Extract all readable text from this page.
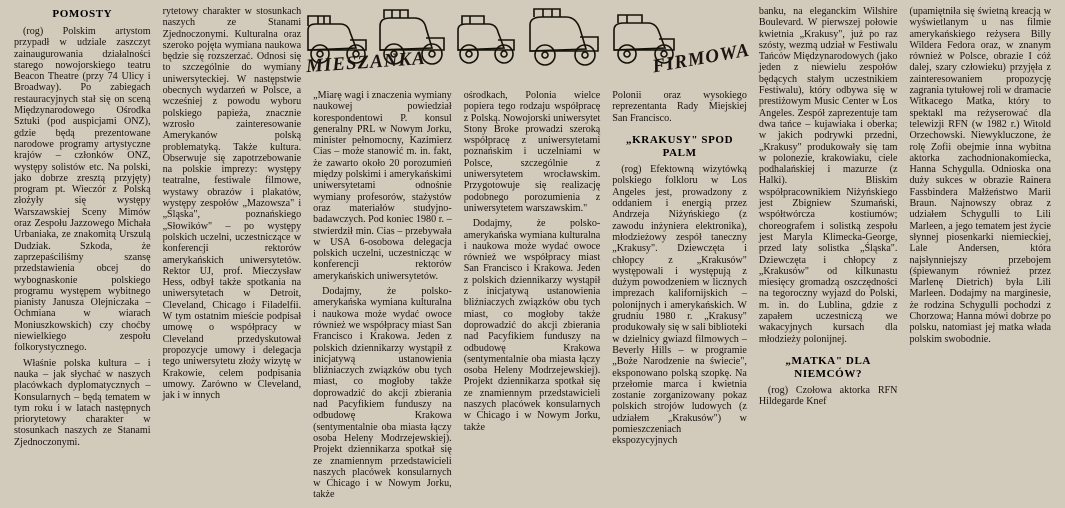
MIESZANKA	FIRMOWA
POMOSTY

(rog) Polskim artystom przypadł w udziale zaszczyt zainaugurowania działalności starego nowojorskiego teatru Beacon Theatre (przy 74 Ulicy i Broadway). Po zabiegach restauracyjnych stał się on sceną Międzynarodowego Ośrodka Sztuki (pod auspicjami ONZ), gdzie będą prezentowane narodowe programy artystyczne krajów – członków ONZ, występy solistów etc. Na polski, jako dobrze zresztą przyjęty) program pt. Wieczór z Polską złożyły się występy Warszawskiej Sceny Mimów oraz Zespołu Jazzowego Michała Urbaniaka, ze znakomitą Urszulą Dudziak. Szkoda, że zaprzepaściliśmy szansę przedstawienia obcej do wybognaskonie polskiego programu występem wybitnego pianisty Janusza Olejniczaka – Ochmiana w wiarach Moniuszkowskich) czy choćby niewielkiego zespołu folkorystycznego.

Właśnie polska kultura – i nauka – jak słychać w naszych placówkach dyplomatycznych –Konsularnych – będą tematem w tym roku i w latach następnych priorytetowy charakter w stosunkach naszych ze Stanami Zjednoczonymi.

rytetowy charakter w stosunkach naszych ze Stanami Zjednoczonymi. Kulturalna oraz szeroko pojęta wymiana naukowa będzie się rozszerzać. Odnosi się to szczególnie do wymiany uniwersyteckiej. W następstwie obecnych wydarzeń w Polsce, a wcześniej z powodu wyboru polskiego papieża, znacznie wzrosło zainteresowanie Amerykanów polską problematyką. Także kultura. Obserwuje się zapotrzebowanie na polskie imprezy: występy teatralne, festiwale filmowe, wystawy obrazów i plakatów, występy zespołów „Mazowsza" i „Śląska", poznańskiego „Słowików" – po występy polskich uczelni, uczestniczące w konferencji rektorów amerykańskich uniwersytetów. Rektor UJ, prof. Mieczysław Hess, odbył także spotkania na uniwersytetach w Detroit, Cleveland, Chicago i Filadelfii. W tym ostatnim mieście podpisał umowę o współpracy w Cleveland przedyskutował propozycje umowy i delegacja tego uniwersytetu złoży wizytę w Krakowie, celem podpisania umowy. Zarówno w Cleveland, jak i w innych

„Miarę wagi i znaczenia wymiany naukowej powiedział korespondentowi P. konsul generalny PRL w Nowym Jorku, minister pełnomocny, Kazimierz Cias – może stanowić m. in. fakt, że zawarto około 20 porozumień między polskimi i amerykańskimi uniwersytetami odnośnie wymiany profesorów, stażystów oraz materiałów studyjno-badawczych. Pod koniec 1980 r. – stwierdził min. Cias – przebywała w USA 6-osobowa delegacja polskich uczelni, uczestnicząc w konferencji rektorów amerykańskich uniwersytetów.

Dodajmy, że polsko-amerykańska wymiana kulturalna i naukowa może wydać owoce również we współpracy miast San Francisco i Krakowa. Jeden z polskich dziennikarzy wystąpił z inicjatywą ustanowienia bliźniaczych związków obu tych miast, co mogłoby także doprowadzić do akcji zbierania nad Pacyfikiem funduszy na odbudowę Krakowa (sentymentalnie oba miasta łączy osoba Heleny Modrzejewskiej). Projekt dziennikarza spotkał się ze znamiennym przedstawicieli naszych placówek konsularnych w Chicago i w Nowym Jorku, także

ośrodkach, Polonia wielce popiera tego rodzaju współpracę z Polską. Nowojorski uniwersytet Stony Broke prowadzi szeroką współpracę z uniwersytetami poznańskim i uczelniami w Polsce, szczególnie z uniwersytetem wrocławskim. Przygotowuje się realizację podobnego porozumienia z uniwersytetem warszawskim."

Dodajmy, że polsko-amerykańska wymiana kulturalna i naukowa może wydać owoce również we współpracy miast San Francisco i Krakowa. Jeden z polskich dziennikarzy wystąpił z inicjatywą ustanowienia bliźniaczych związków obu tych miast, co mogłoby także doprowadzić do akcji zbierania nad Pacyfikiem funduszy na odbudowę Krakowa (sentymentalnie oba miasta łączy osoba Heleny Modrzejewskiej). Projekt dziennikarza spotkał się ze znamiennym przedstawicieli naszych placówek konsularnych w Chicago i w Nowym Jorku, także

Polonii oraz wysokiego reprezentanta Rady Miejskiej San Francisco.

„KRAKUSY" SPOD PALM

(rog) Efektowną wizytówką polskiego folkloru w Los Angeles jest, prowadzony z oddaniem i energią przez Andrzeja Niżyńskiego (z zawodu inżyniera elektronika), młodzieżowy zespół taneczny „Krakusy". Dziewczęta i chłopcy z „Krakusów" występowali i występują z dużym powodzeniem w licznych imprezach kalifornijskich – polonijnych i amerykańskich. W grudniu 1980 r. „Krakusy" produkowały się w sali biblioteki w dzielnicy gwiazd filmowych – Beverly Hills – w programie „Boże Narodzenie na świecie", eksponowano polską szopkę. Na przełomie marca i kwietnia zostanie zorganizowany pokaz polskich strojów ludowych (z udziałem „Krakusów") w pomieszczeniach ekspozycyjnych

banku, na eleganckim Wilshire Boulevard. W pierwszej połowie kwietnia „Krakusy", już po raz szósty, wezmą udział w Festiwalu Tańców Międzynarodowych (jako jeden z niewielu zespołów będących stałym uczestnikiem Festiwalu), który odbywa się w prestiżowym Music Center w Los Angeles. Zespół zaprezentuje tam dwa tańce – kujawiaka i oberka; w jakich podrywki przedni, „Krakusy" produkowały się tam w polonezie, krakowiaku, ciele podhalańskiej i mazurze (z Halki). Bliskim współpracownikiem Niżyńskiego jest Zbigniew Szumański, współtwórcza kostiumów; choreografem i solistką zespołu jest Maryla Klimecka-George, przed laty solistka „Śląska". Dziewczęta i chłopcy z „Krakusów" od kilkunastu miesięcy gromadzą oszczędności na tegoroczny wyjazd do Polski, m. in. do Lublina, gdzie z zapałem uczestniczą we wakacyjnych kursach dla młodzieży polonijnej.

„MATKA" DLA NIEMCÓW?

(rog) Czołowa aktorka RFN Hildegarde Knef

(upamiętniła się świetną kreacją w wyświetlanym u nas filmie amerykańskiego reżysera Billy Wildera Fedora oraz, w znanym również w Polsce, obrazie I cóż dalej, szary człowieku) przyjęła z zainteresowaniem propozycję zagrania tytułowej roli w dramacie Witkacego Matka, który to spektakl ma reżyserować dla telewizji RFN (w 1982 r.) Witold Orzechowski. Niewykluczone, że rolę Zofii obejmie inna wybitna aktorka zachodnionakomiecka, Hanna Schygulla. Odnioska ona duży sukces w obrazie Rainera Fassbindera Małżeństwo Marii Braun. Najnowszy obraz z udziałem Schygulli to Lili Marleen, a jego tematem jest życie słynnej piosenkarki niemieckiej, Lale Andersen, która najsłynniejszy przebojem (śpiewanym również przez Marlenę Dietrich) była Lili Marleen. Dodajmy na marginesie, że rodzina Schygulli pochodzi z Chorzowa; Hanna mówi dobrze po polsku, natomiast jej matka włada polskim swobodnie.
